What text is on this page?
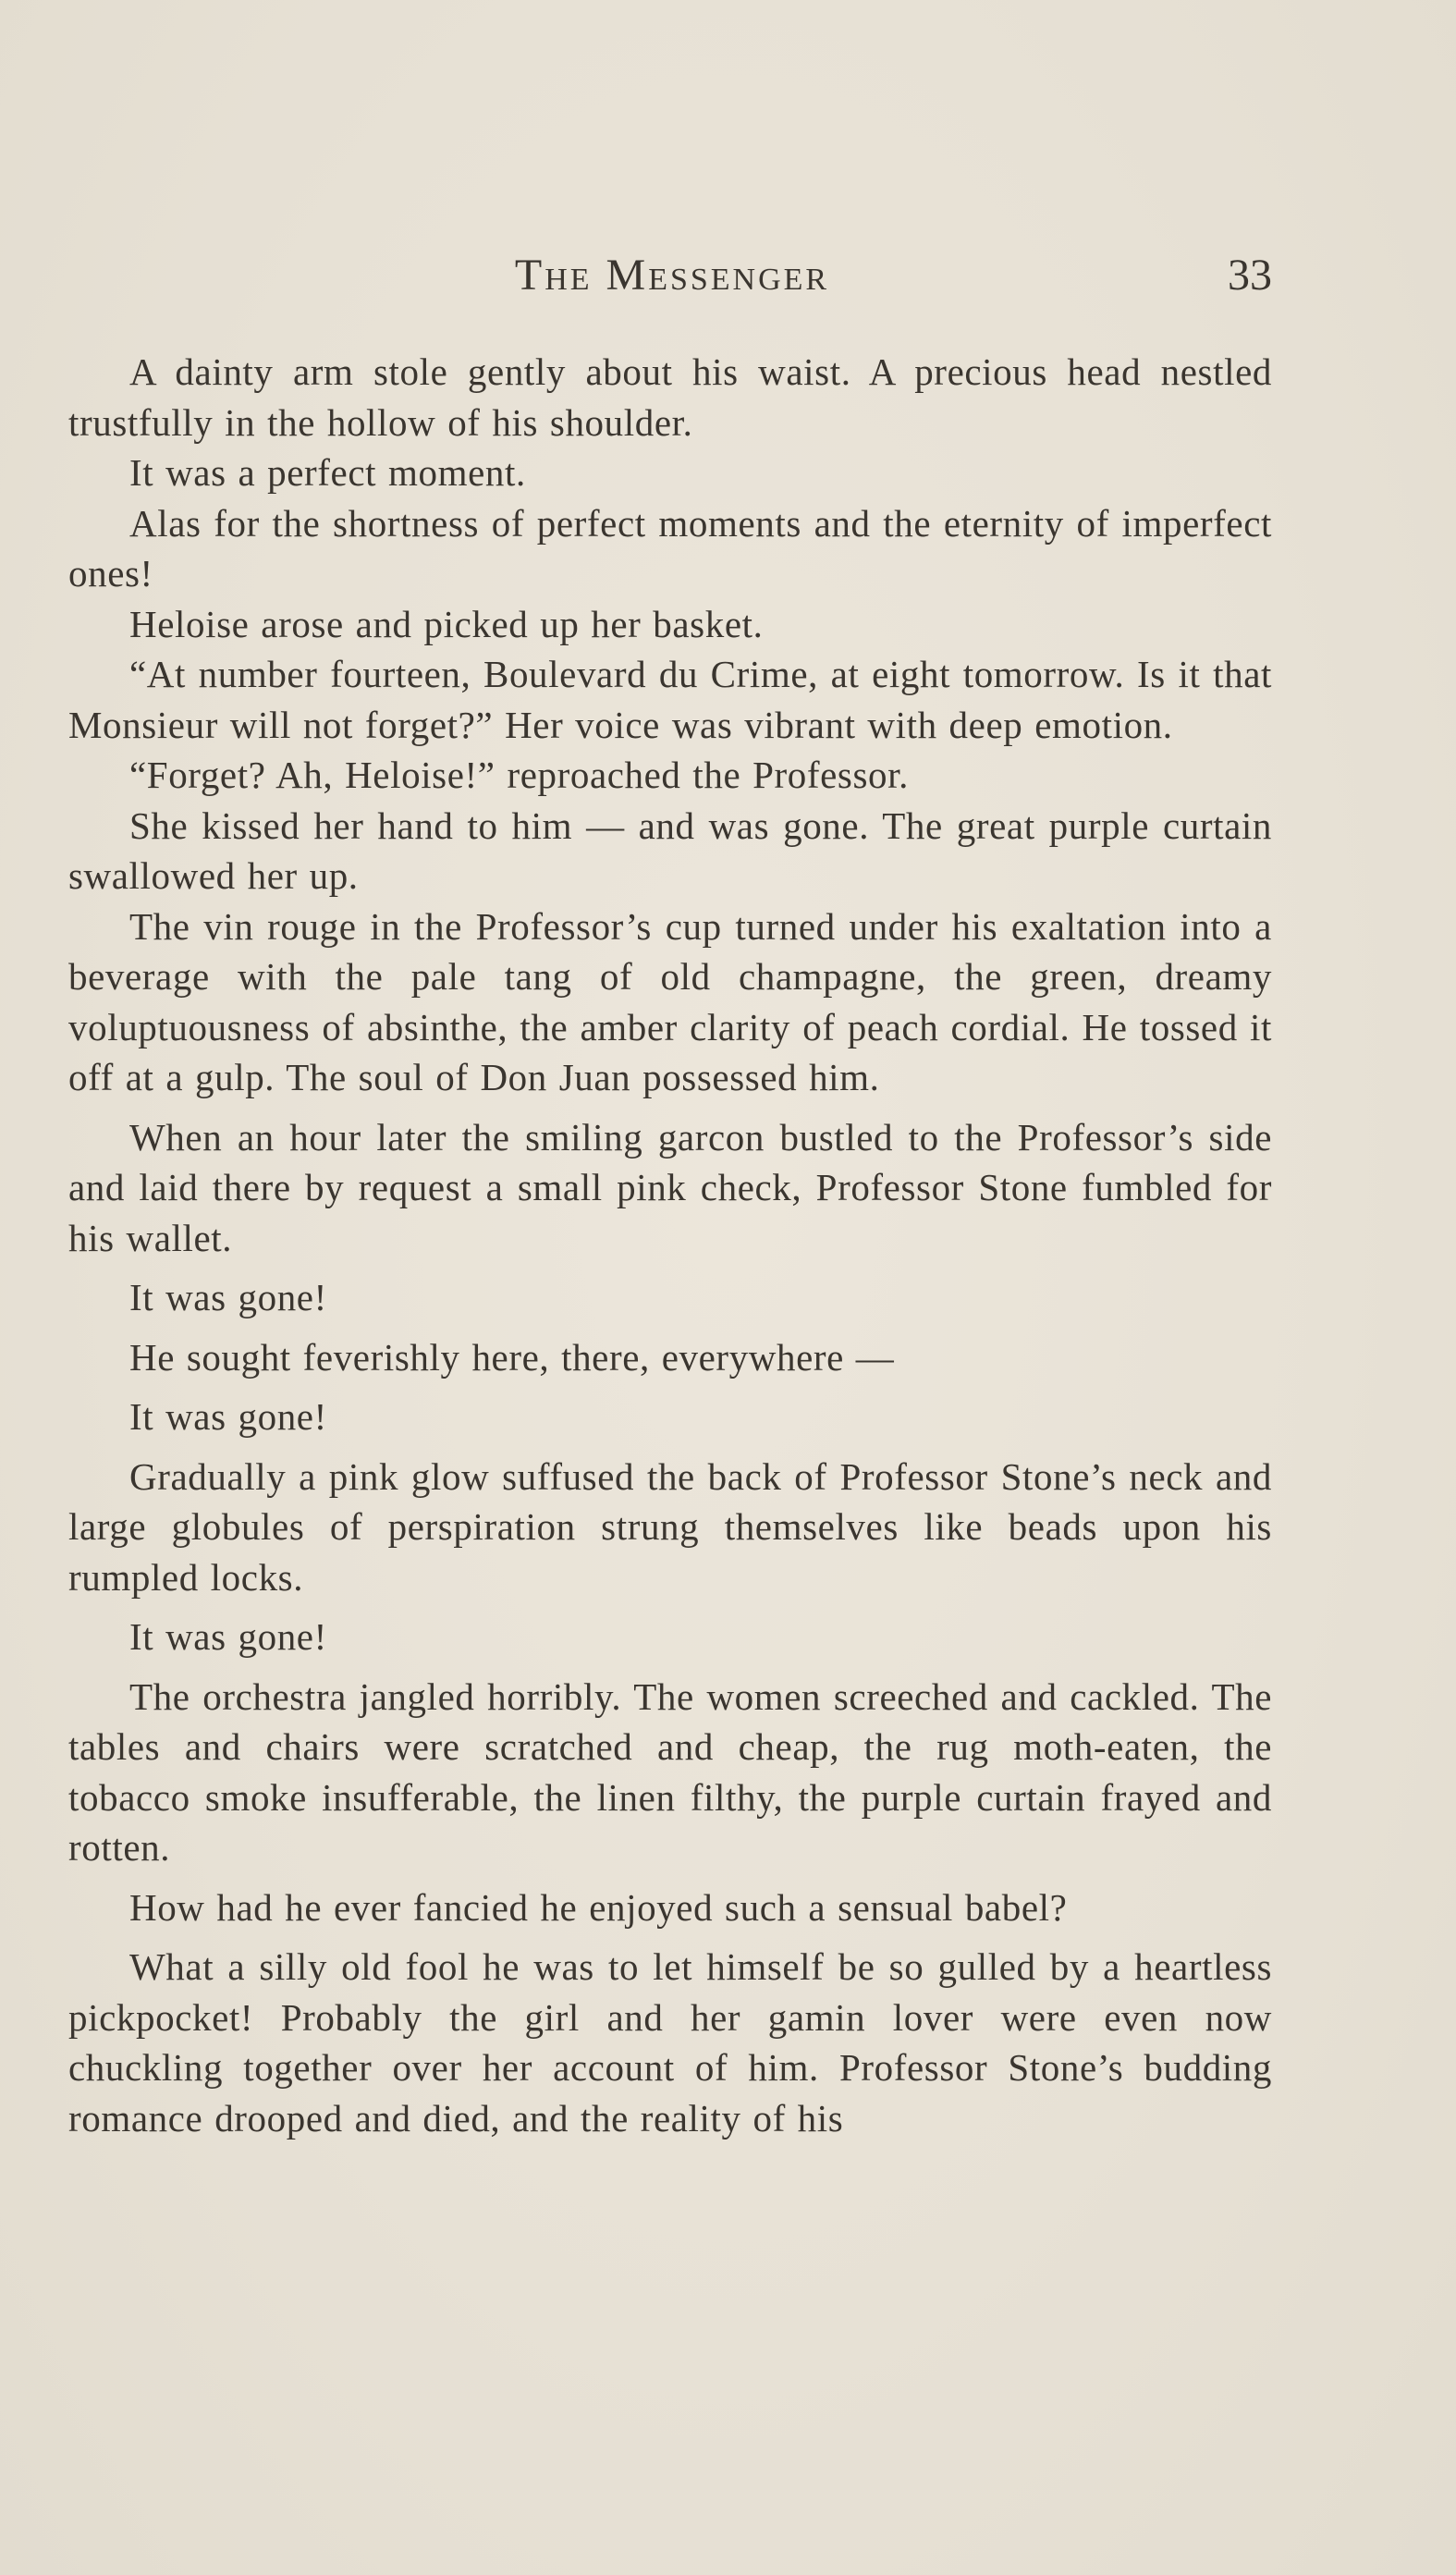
The Messenger	33

A dainty arm stole gently about his waist. A precious head nestled trustfully in the hollow of his shoulder.

It was a perfect moment.

Alas for the shortness of perfect moments and the eternity of imperfect ones!

Heloise arose and picked up her basket.

“At number fourteen, Boulevard du Crime, at eight tomorrow. Is it that Monsieur will not forget?” Her voice was vibrant with deep emotion.

“Forget? Ah, Heloise!” reproached the Professor.

She kissed her hand to him — and was gone. The great purple curtain swallowed her up.

The vin rouge in the Professor’s cup turned under his exaltation into a beverage with the pale tang of old champagne, the green, dreamy voluptuousness of absinthe, the amber clarity of peach cordial. He tossed it off at a gulp. The soul of Don Juan possessed him.

When an hour later the smiling garcon bustled to the Professor’s side and laid there by request a small pink check, Professor Stone fumbled for his wallet.

It was gone!

He sought feverishly here, there, everywhere —

It was gone!

Gradually a pink glow suffused the back of Professor Stone’s neck and large globules of perspiration strung themselves like beads upon his rumpled locks.

It was gone!

The orchestra jangled horribly. The women screeched and cackled. The tables and chairs were scratched and cheap, the rug moth-eaten, the tobacco smoke insufferable, the linen filthy, the purple curtain frayed and rotten.

How had he ever fancied he enjoyed such a sensual babel?

What a silly old fool he was to let himself be so gulled by a heartless pickpocket! Probably the girl and her gamin lover were even now chuckling together over her account of him. Professor Stone’s budding romance drooped and died, and the reality of his
